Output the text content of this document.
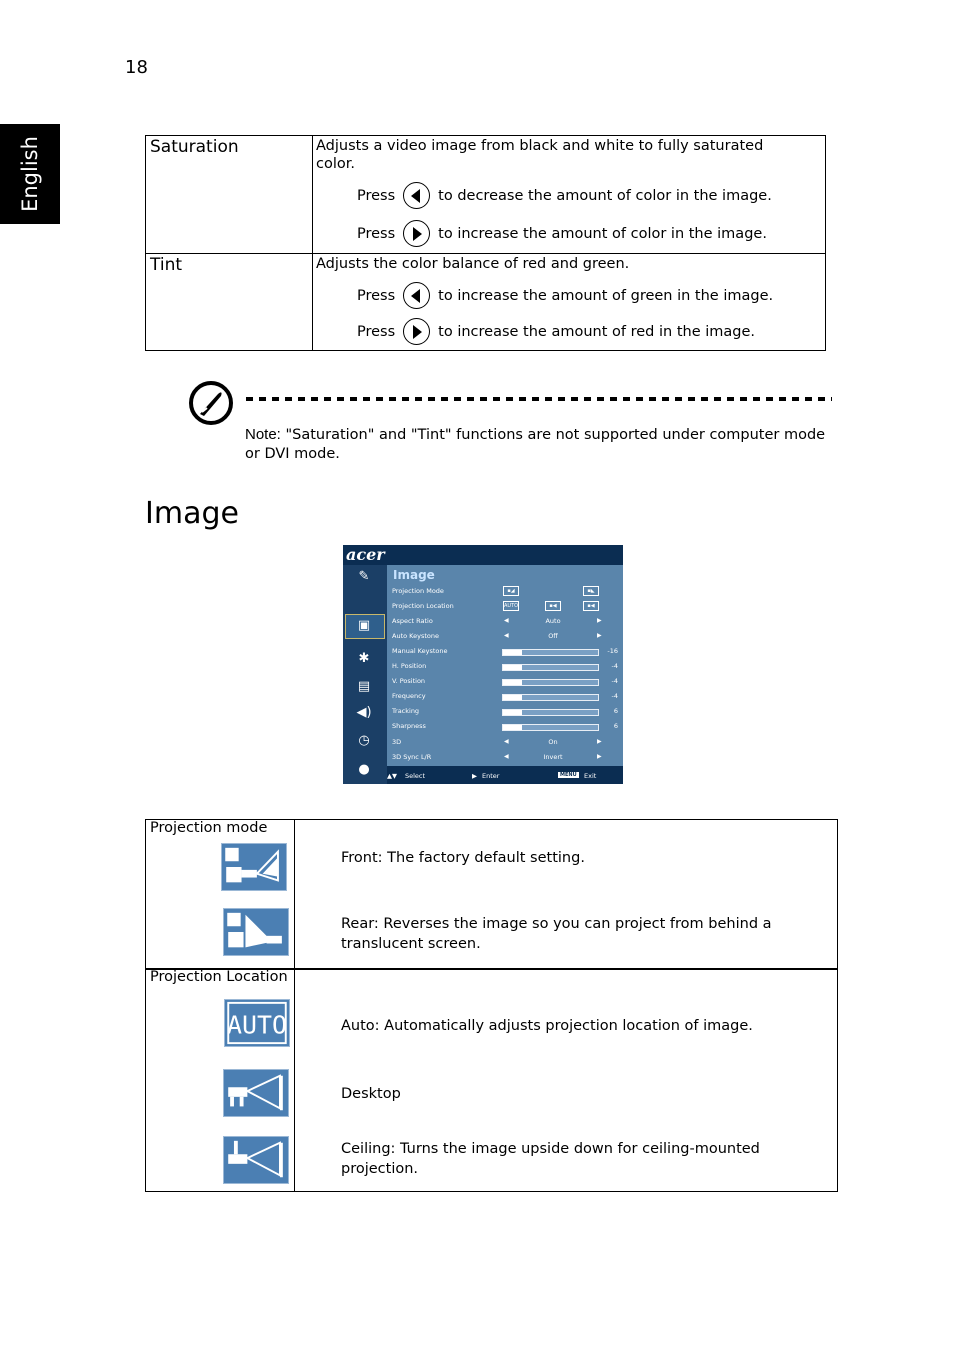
18
English	Saturation	Adjusts a video image from black and white to fully saturated color.
Press	to decrease the amount of color in the image.
Press	to increase the amount of color in the image.
Tint	Adjusts the color balance of red and green.
Press	to increase the amount of green in the image.
Press	to increase the amount of red in the image.
Note: "Saturation" and "Tint" functions are not supported under computer mode or DVI mode.
Image
acer
✎
▣
✱
▤
◀)
◷
●
Image
Projection Mode	▪◢	▪◣
Projection Location	AUTO	▪◀	▪◀
Aspect Ratio	◀	Auto	▶
Auto Keystone	◀	Off	▶
Manual Keystone	-16
H. Position	-4
V. Position	-4
Frequency	-4
Tracking	6
Sharpness	6
3D	◀	On	▶
3D Sync L/R	◀	Invert	▶
▲▼ Select	▶ Enter	MENU	Exit
Projection mode
Front: The factory default setting.
Rear: Reverses the image so you can project from behind a translucent screen.
Projection Location
AUTO	Auto: Automatically adjusts projection location of image.
Desktop
Ceiling: Turns the image upside down for ceiling-mounted projection.
